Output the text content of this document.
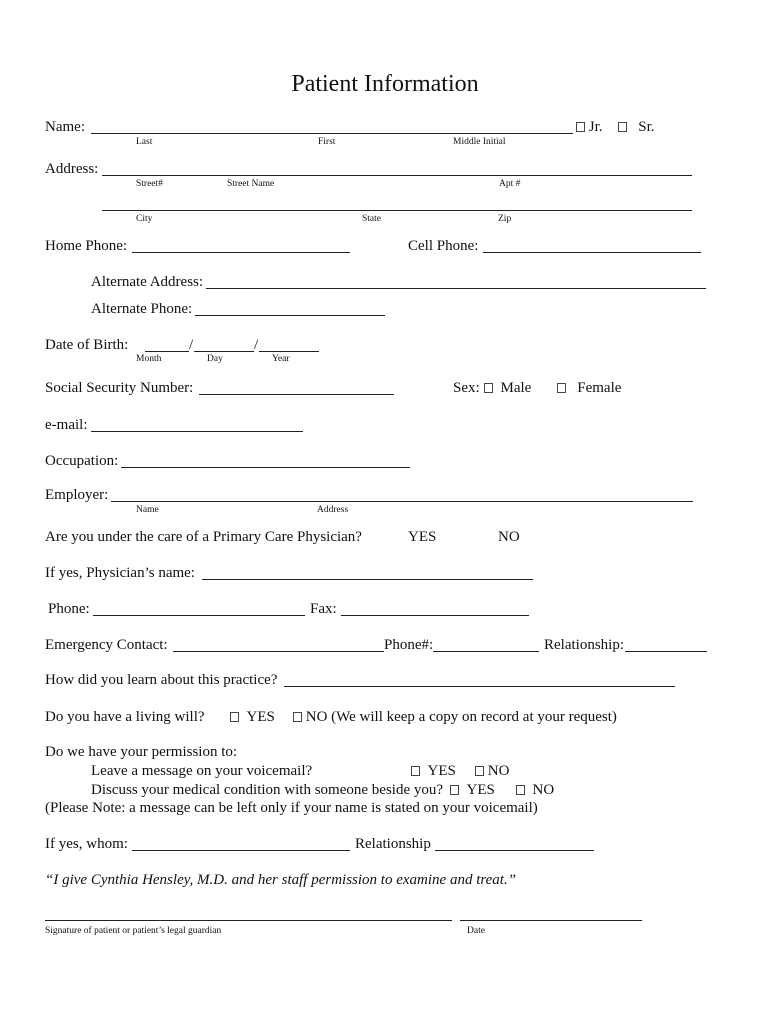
Patient Information
Name:
Last	First	Middle Initial
Jr.	Sr.
Address:
Street#	Street Name	Apt #
City	State	Zip
Home Phone:	Cell Phone:
Alternate Address:
Alternate Phone:
Date of Birth:	/	/
Month	Day	Year
Social Security Number:	Sex:	Male	Female
e-mail:
Occupation:
Employer:
Name	Address
Are you under the care of a Primary Care Physician?	YES	NO
If yes, Physician’s name:
Phone:	Fax:
Emergency Contact:	Phone#:	Relationship:
How did you learn about this practice?
Do you have a living will?	YES	NO (We will keep a copy on record at your request)
Do we have your permission to:
Leave a message on your voicemail?	YES	NO
Discuss your medical condition with someone beside you?	YES	NO
(Please Note: a message can be left only if your name is stated on your voicemail)
If yes, whom:	Relationship
“I give Cynthia Hensley, M.D. and her staff permission to examine and treat.”
Signature of patient or patient’s legal guardian	Date
